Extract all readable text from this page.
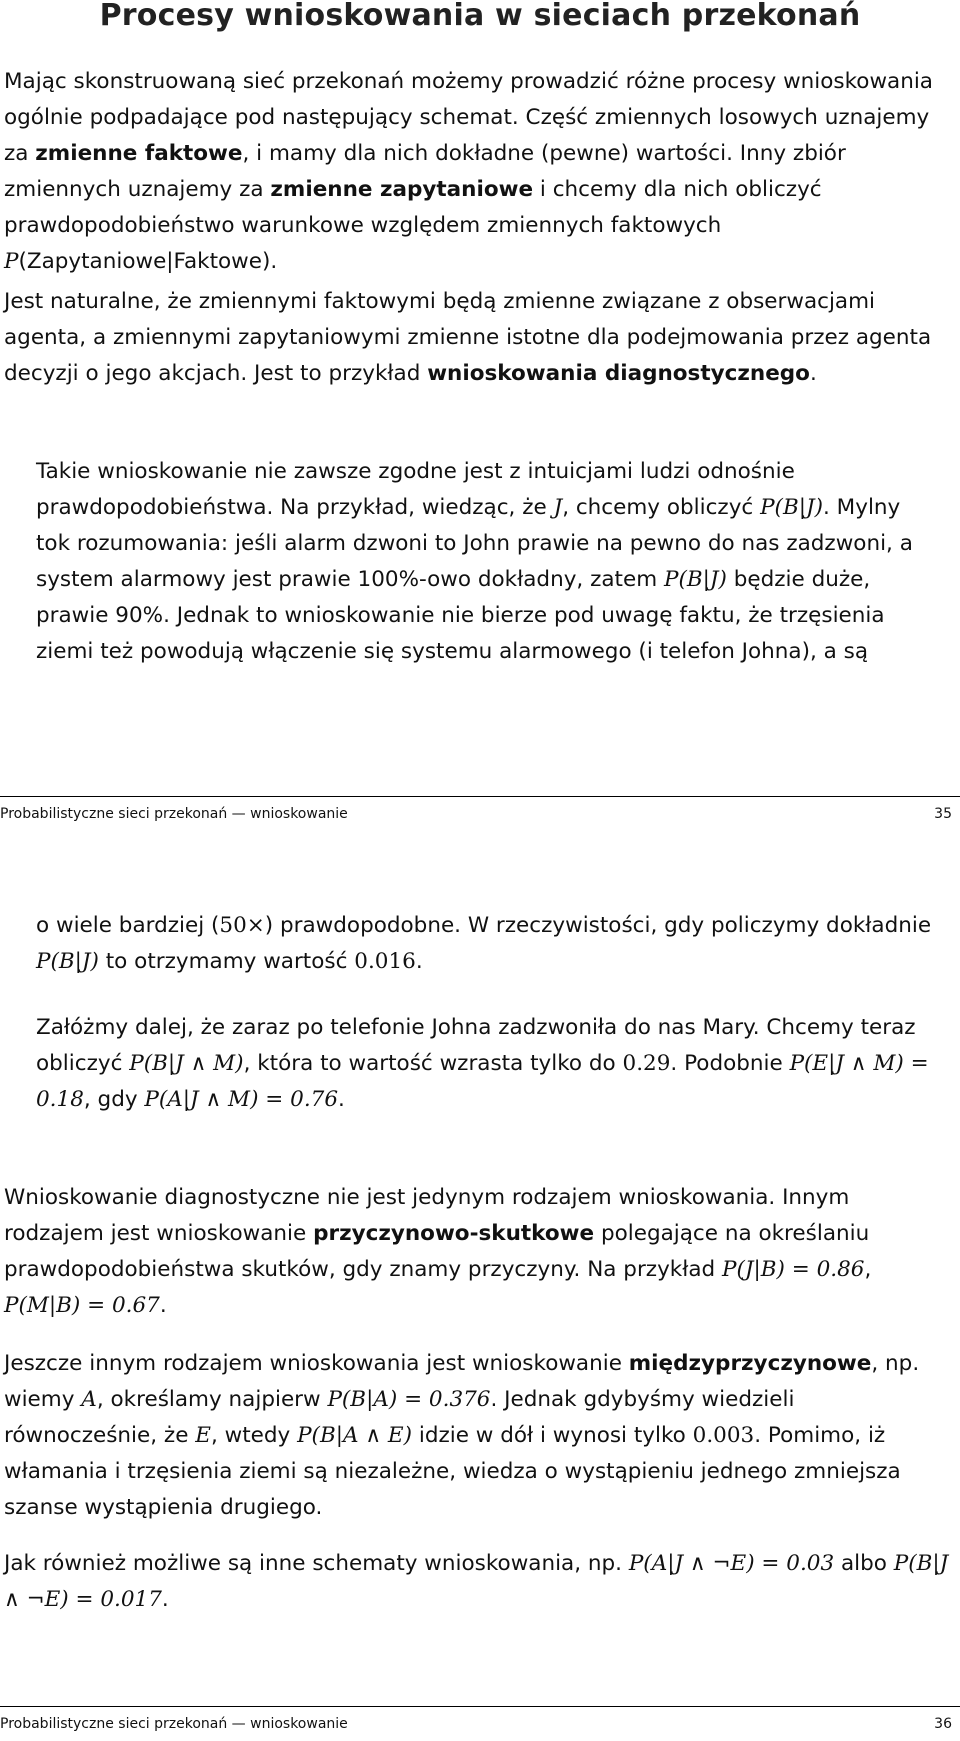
Procesy wnioskowania w sieciach przekonań

Mając skonstruowaną sieć przekonań możemy prowadzić różne procesy wnioskowania ogólnie podpadające pod następujący schemat. Część zmiennych losowych uznajemy za zmienne faktowe, i mamy dla nich dokładne (pewne) wartości. Inny zbiór zmiennych uznajemy za zmienne zapytaniowe i chcemy dla nich obliczyć prawdopodobieństwo warunkowe względem zmiennych faktowych P(Zapytaniowe|Faktowe).

Jest naturalne, że zmiennymi faktowymi będą zmienne związane z obserwacjami agenta, a zmiennymi zapytaniowymi zmienne istotne dla podejmowania przez agenta decyzji o jego akcjach. Jest to przykład wnioskowania diagnostycznego.

Takie wnioskowanie nie zawsze zgodne jest z intuicjami ludzi odnośnie prawdopodobieństwa. Na przykład, wiedząc, że J, chcemy obliczyć P(B|J). Mylny tok rozumowania: jeśli alarm dzwoni to John prawie na pewno do nas zadzwoni, a system alarmowy jest prawie 100%-owo dokładny, zatem P(B|J) będzie duże, prawie 90%. Jednak to wnioskowanie nie bierze pod uwagę faktu, że trzęsienia ziemi też powodują włączenie się systemu alarmowego (i telefon Johna), a są

Probabilistyczne sieci przekonań — wnioskowanie	35

o wiele bardziej (50×) prawdopodobne. W rzeczywistości, gdy policzymy dokładnie P(B|J) to otrzymamy wartość 0.016.

Załóżmy dalej, że zaraz po telefonie Johna zadzwoniła do nas Mary. Chcemy teraz obliczyć P(B|J ∧ M), która to wartość wzrasta tylko do 0.29. Podobnie P(E|J ∧ M) = 0.18, gdy P(A|J ∧ M) = 0.76.

Wnioskowanie diagnostyczne nie jest jedynym rodzajem wnioskowania. Innym rodzajem jest wnioskowanie przyczynowo-skutkowe polegające na określaniu prawdopodobieństwa skutków, gdy znamy przyczyny. Na przykład P(J|B) = 0.86, P(M|B) = 0.67.

Jeszcze innym rodzajem wnioskowania jest wnioskowanie międzyprzyczynowe, np. wiemy A, określamy najpierw P(B|A) = 0.376. Jednak gdybyśmy wiedzieli równocześnie, że E, wtedy P(B|A ∧ E) idzie w dół i wynosi tylko 0.003. Pomimo, iż włamania i trzęsienia ziemi są niezależne, wiedza o wystąpieniu jednego zmniejsza szanse wystąpienia drugiego.

Jak również możliwe są inne schematy wnioskowania, np. P(A|J ∧ ¬E) = 0.03 albo P(B|J ∧ ¬E) = 0.017.

Probabilistyczne sieci przekonań — wnioskowanie	36
